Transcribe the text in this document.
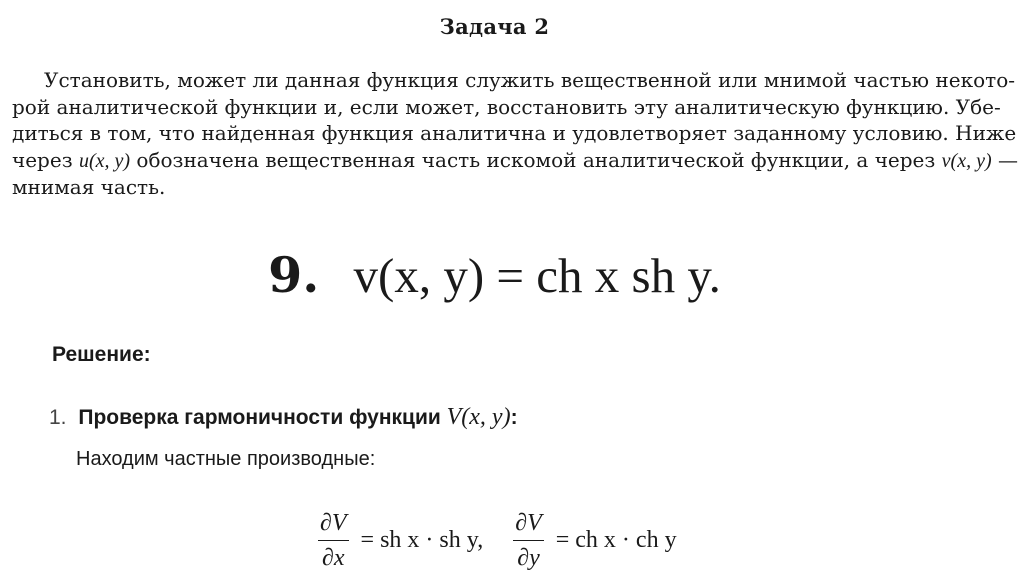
Задача 2
Установить, может ли данная функция служить вещественной или мнимой частью некото-
рой аналитической функции и, если может, восстановить эту аналитическую функцию. Убе-
диться в том, что найденная функция аналитична и удовлетворяет заданному условию. Ниже
через u(x, y) обозначена вещественная часть искомой аналитической функции, а через v(x, y) —
мнимая часть.
9. v(x, y) = ch x sh y.
Решение:
1. Проверка гармоничности функции V(x, y):
Находим частные производные:
$\frac{\partial V}{\partial x}$ = sh x · sh y, $\frac{\partial V}{\partial y}$ = ch x · ch y
